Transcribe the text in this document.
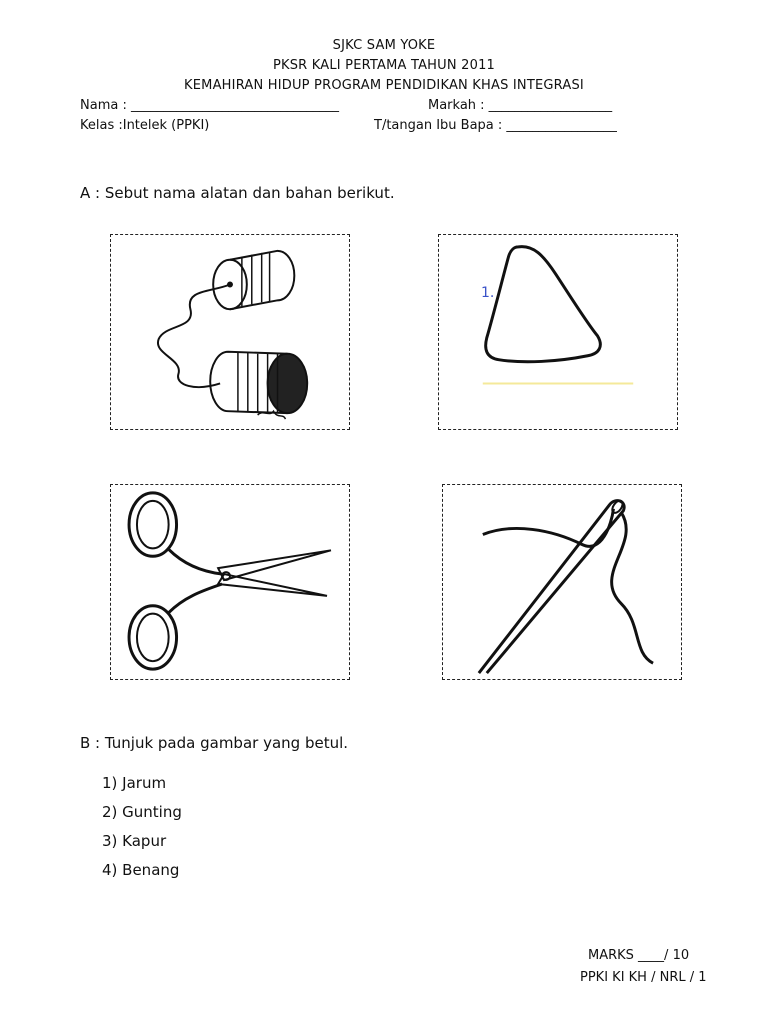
SJKC SAM YOKE
PKSR KALI PERTAMA TAHUN 2011
KEMAHIRAN HIDUP PROGRAM PENDIDIKAN KHAS INTEGRASI
Nama : ________________________________	Markah : ___________________
Kelas :Intelek (PPKI)	T/tangan Ibu Bapa : _________________
A : Sebut nama alatan dan bahan berikut.
1.
B : Tunjuk pada gambar yang betul.
1) Jarum
2) Gunting
3) Kapur
4) Benang
MARKS ____/ 10
PPKI KI KH / NRL / 1
